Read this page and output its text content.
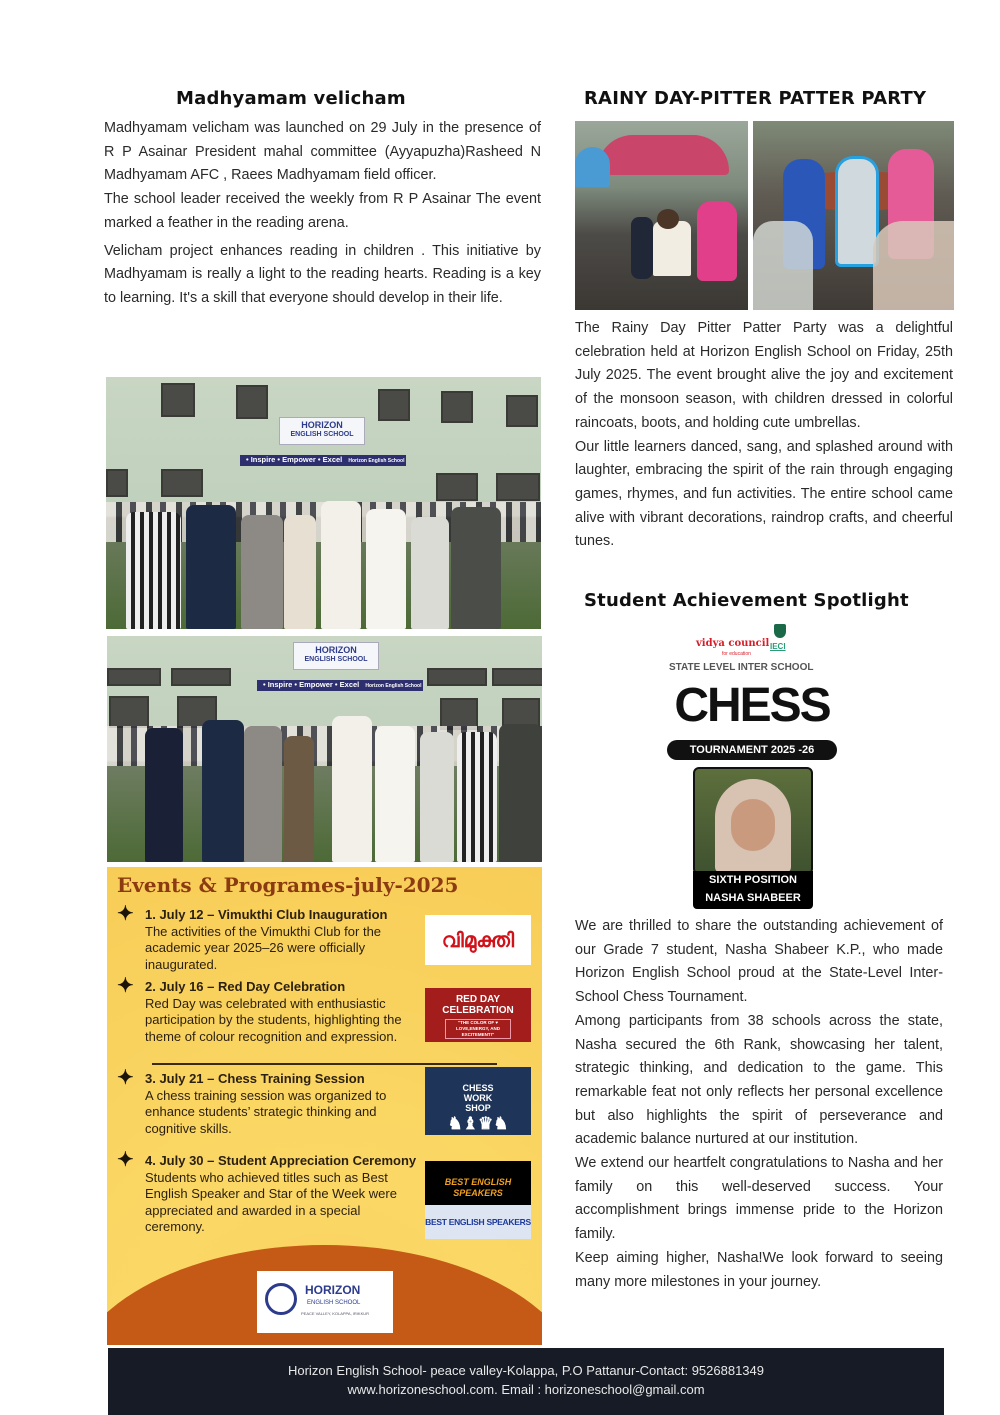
Madhyamam velicham

Madhyamam velicham was launched on 29 July in the presence of R P Asainar President mahal committee (Ayyapuzha)Rasheed N Madhyamam AFC , Raees Madhyamam field officer.

The school leader received the weekly from R P Asainar The event marked a feather in the reading arena.

Velicham project enhances reading in children . This initiative by Madhyamam is really a light to the reading hearts. Reading is a key to learning. It's a skill that everyone should develop in their life.

HORIZON
ENGLISH SCHOOL
• Inspire • Empower • Excel Horizon English School
HORIZON
ENGLISH SCHOOL
• Inspire • Empower • Excel Horizon English School
Events & Programes-july-2025
✦ 1. July 12 – Vimukthi Club Inauguration
The activities of the Vimukthi Club for the academic year 2025–26 were officially inaugurated.
✦ 2. July 16 – Red Day Celebration
Red Day was celebrated with enthusiastic participation by the students, highlighting the theme of colour recognition and expression.
✦ 3. July 21 – Chess Training Session
A chess training session was organized to enhance students’ strategic thinking and cognitive skills.
✦ 4. July 30 – Student Appreciation Ceremony
Students who achieved titles such as Best English Speaker and Star of the Week were appreciated and awarded in a special ceremony.
വിമുക്തി
RED DAY CELEBRATION
"THE COLOR OF ♥ LOVE,ENERGY, AND EXCITEMENT!"
CHESS WORK SHOP
♞♝♛♞
BEST ENGLISH SPEAKERS
BEST ENGLISH SPEAKERS
HORIZON
ENGLISH SCHOOL
PEACE VALLEY, KOLAPPA, IRIKKUR
RAINY DAY-PITTER PATTER PARTY

The Rainy Day Pitter Patter Party was a delightful celebration held at Horizon English School on Friday, 25th July 2025. The event brought alive the joy and excitement of the monsoon season, with children dressed in colorful raincoats, boots, and holding cute umbrellas.

Our little learners danced, sang, and splashed around with laughter, embracing the spirit of the rain through engaging games, rhymes, and fun activities. The entire school came alive with vibrant decorations, raindrop crafts, and cheerful tunes.

Student Achievement Spotlight
vidya council
for education
IECI
STATE LEVEL INTER SCHOOL
CHESS
TOURNAMENT 2025 -26
SIXTH POSITION
NASHA SHABEER

We are thrilled to share the outstanding achievement of our Grade 7 student, Nasha Shabeer K.P., who made Horizon English School proud at the State-Level Inter-School Chess Tournament.

Among participants from 38 schools across the state, Nasha secured the 6th Rank, showcasing her talent, strategic thinking, and dedication to the game. This remarkable feat not only reflects her personal excellence but also highlights the spirit of perseverance and academic balance nurtured at our institution.

We extend our heartfelt congratulations to Nasha and her family on this well-deserved success. Your accomplishment brings immense pride to the Horizon family.

Keep aiming higher, Nasha!We look forward to seeing many more milestones in your journey.

Horizon English School- peace valley-Kolappa, P.O Pattanur-Contact: 9526881349
www.horizoneschool.com. Email : horizoneschool@gmail.com
